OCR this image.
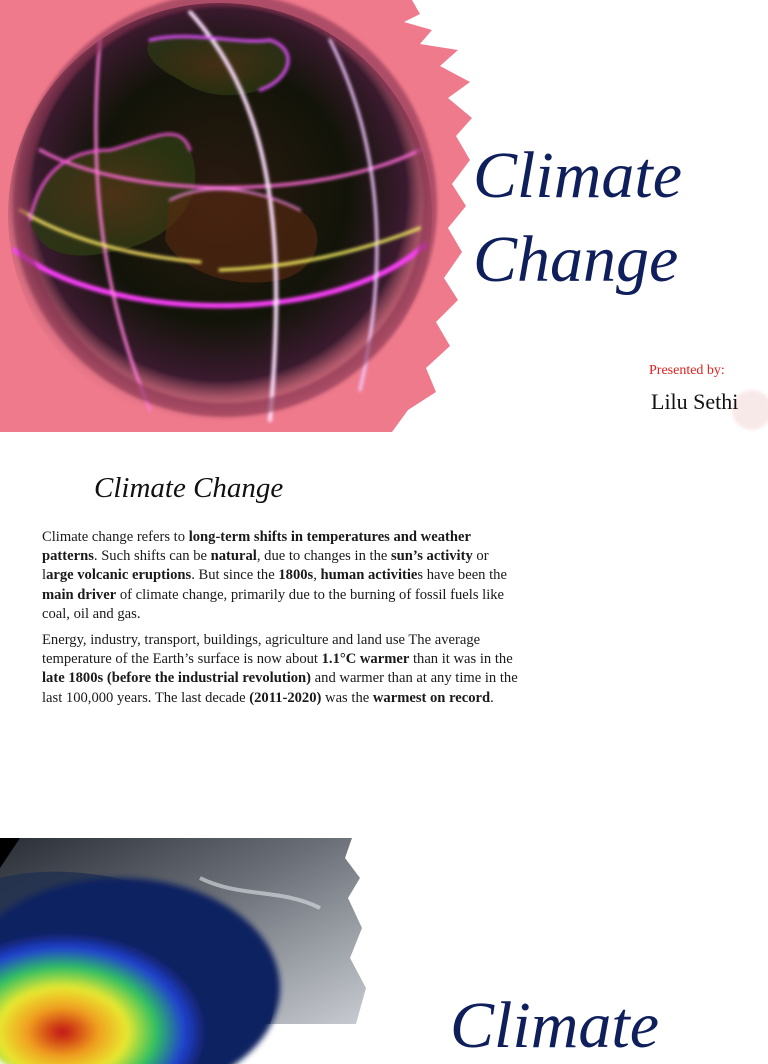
Climate
Change
Presented by:
Lilu Sethi
Climate Change

Climate change refers to long-term shifts in temperatures and weather patterns. Such shifts can be natural, due to changes in the sun’s activity or large volcanic eruptions. But since the 1800s, human activities have been the main driver of climate change, primarily due to the burning of fossil fuels like coal, oil and gas.

Energy, industry, transport, buildings, agriculture and land use The average temperature of the Earth’s surface is now about 1.1°C warmer than it was in the late 1800s (before the industrial revolution) and warmer than at any time in the last 100,000 years. The last decade (2011-2020) was the warmest on record.

Climate
